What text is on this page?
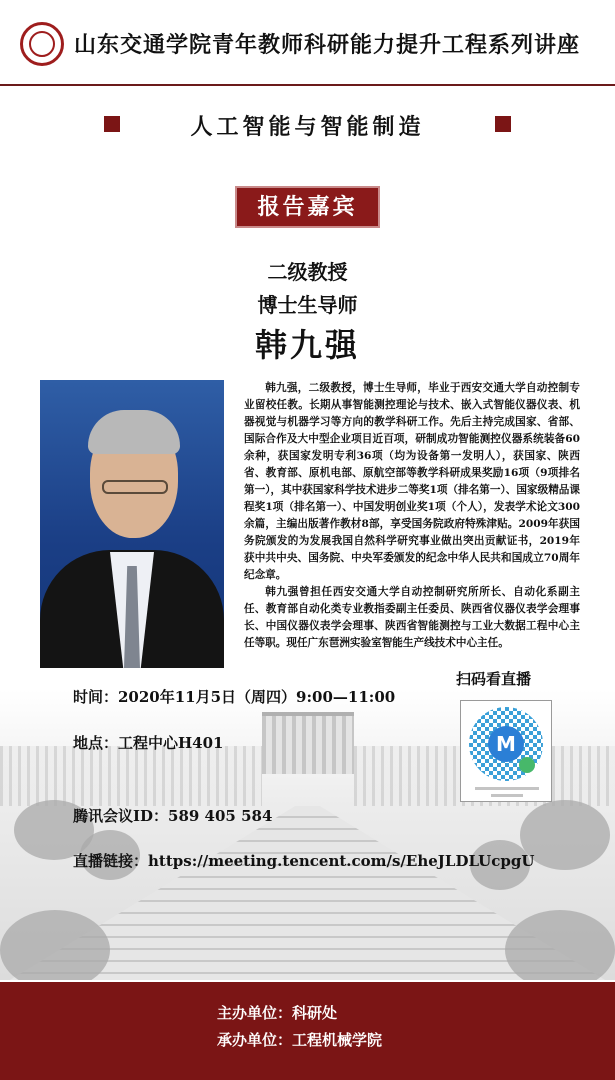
山东交通学院青年教师科研能力提升工程系列讲座
人工智能与智能制造
报告嘉宾
二级教授
博士生导师
韩九强

韩九强，二级教授，博士生导师，毕业于西安交通大学自动控制专业留校任教。长期从事智能测控理论与技术、嵌入式智能仪器仪表、机器视觉与机器学习等方向的教学科研工作。先后主持完成国家、省部、国际合作及大中型企业项目近百项，研制成功智能测控仪器系统装备60余种，获国家发明专利36项（均为设备第一发明人），获国家、陕西省、教育部、原机电部、原航空部等教学科研成果奖励16项（9项排名第一），其中获国家科学技术进步二等奖1项（排名第一）、国家级精品课程奖1项（排名第一）、中国发明创业奖1项（个人），发表学术论文300余篇，主编出版著作教材8部，享受国务院政府特殊津贴。2009年获国务院颁发的为发展我国自然科学研究事业做出突出贡献证书，2019年获中共中央、国务院、中央军委颁发的纪念中华人民共和国成立70周年纪念章。

韩九强曾担任西安交通大学自动控制研究所所长、自动化系副主任、教育部自动化类专业教指委副主任委员、陕西省仪器仪表学会理事长、中国仪器仪表学会理事、陕西省智能测控与工业大数据工程中心主任等职。现任广东琶洲实验室智能生产线技术中心主任。

时间：2020年11月5日（周四）9:00—11:00
地点：工程中心H401
腾讯会议ID：589 405 584
直播链接：https://meeting.tencent.com/s/EheJLDLUcpgU
扫码看直播
M
主办单位：科研处
承办单位：工程机械学院
